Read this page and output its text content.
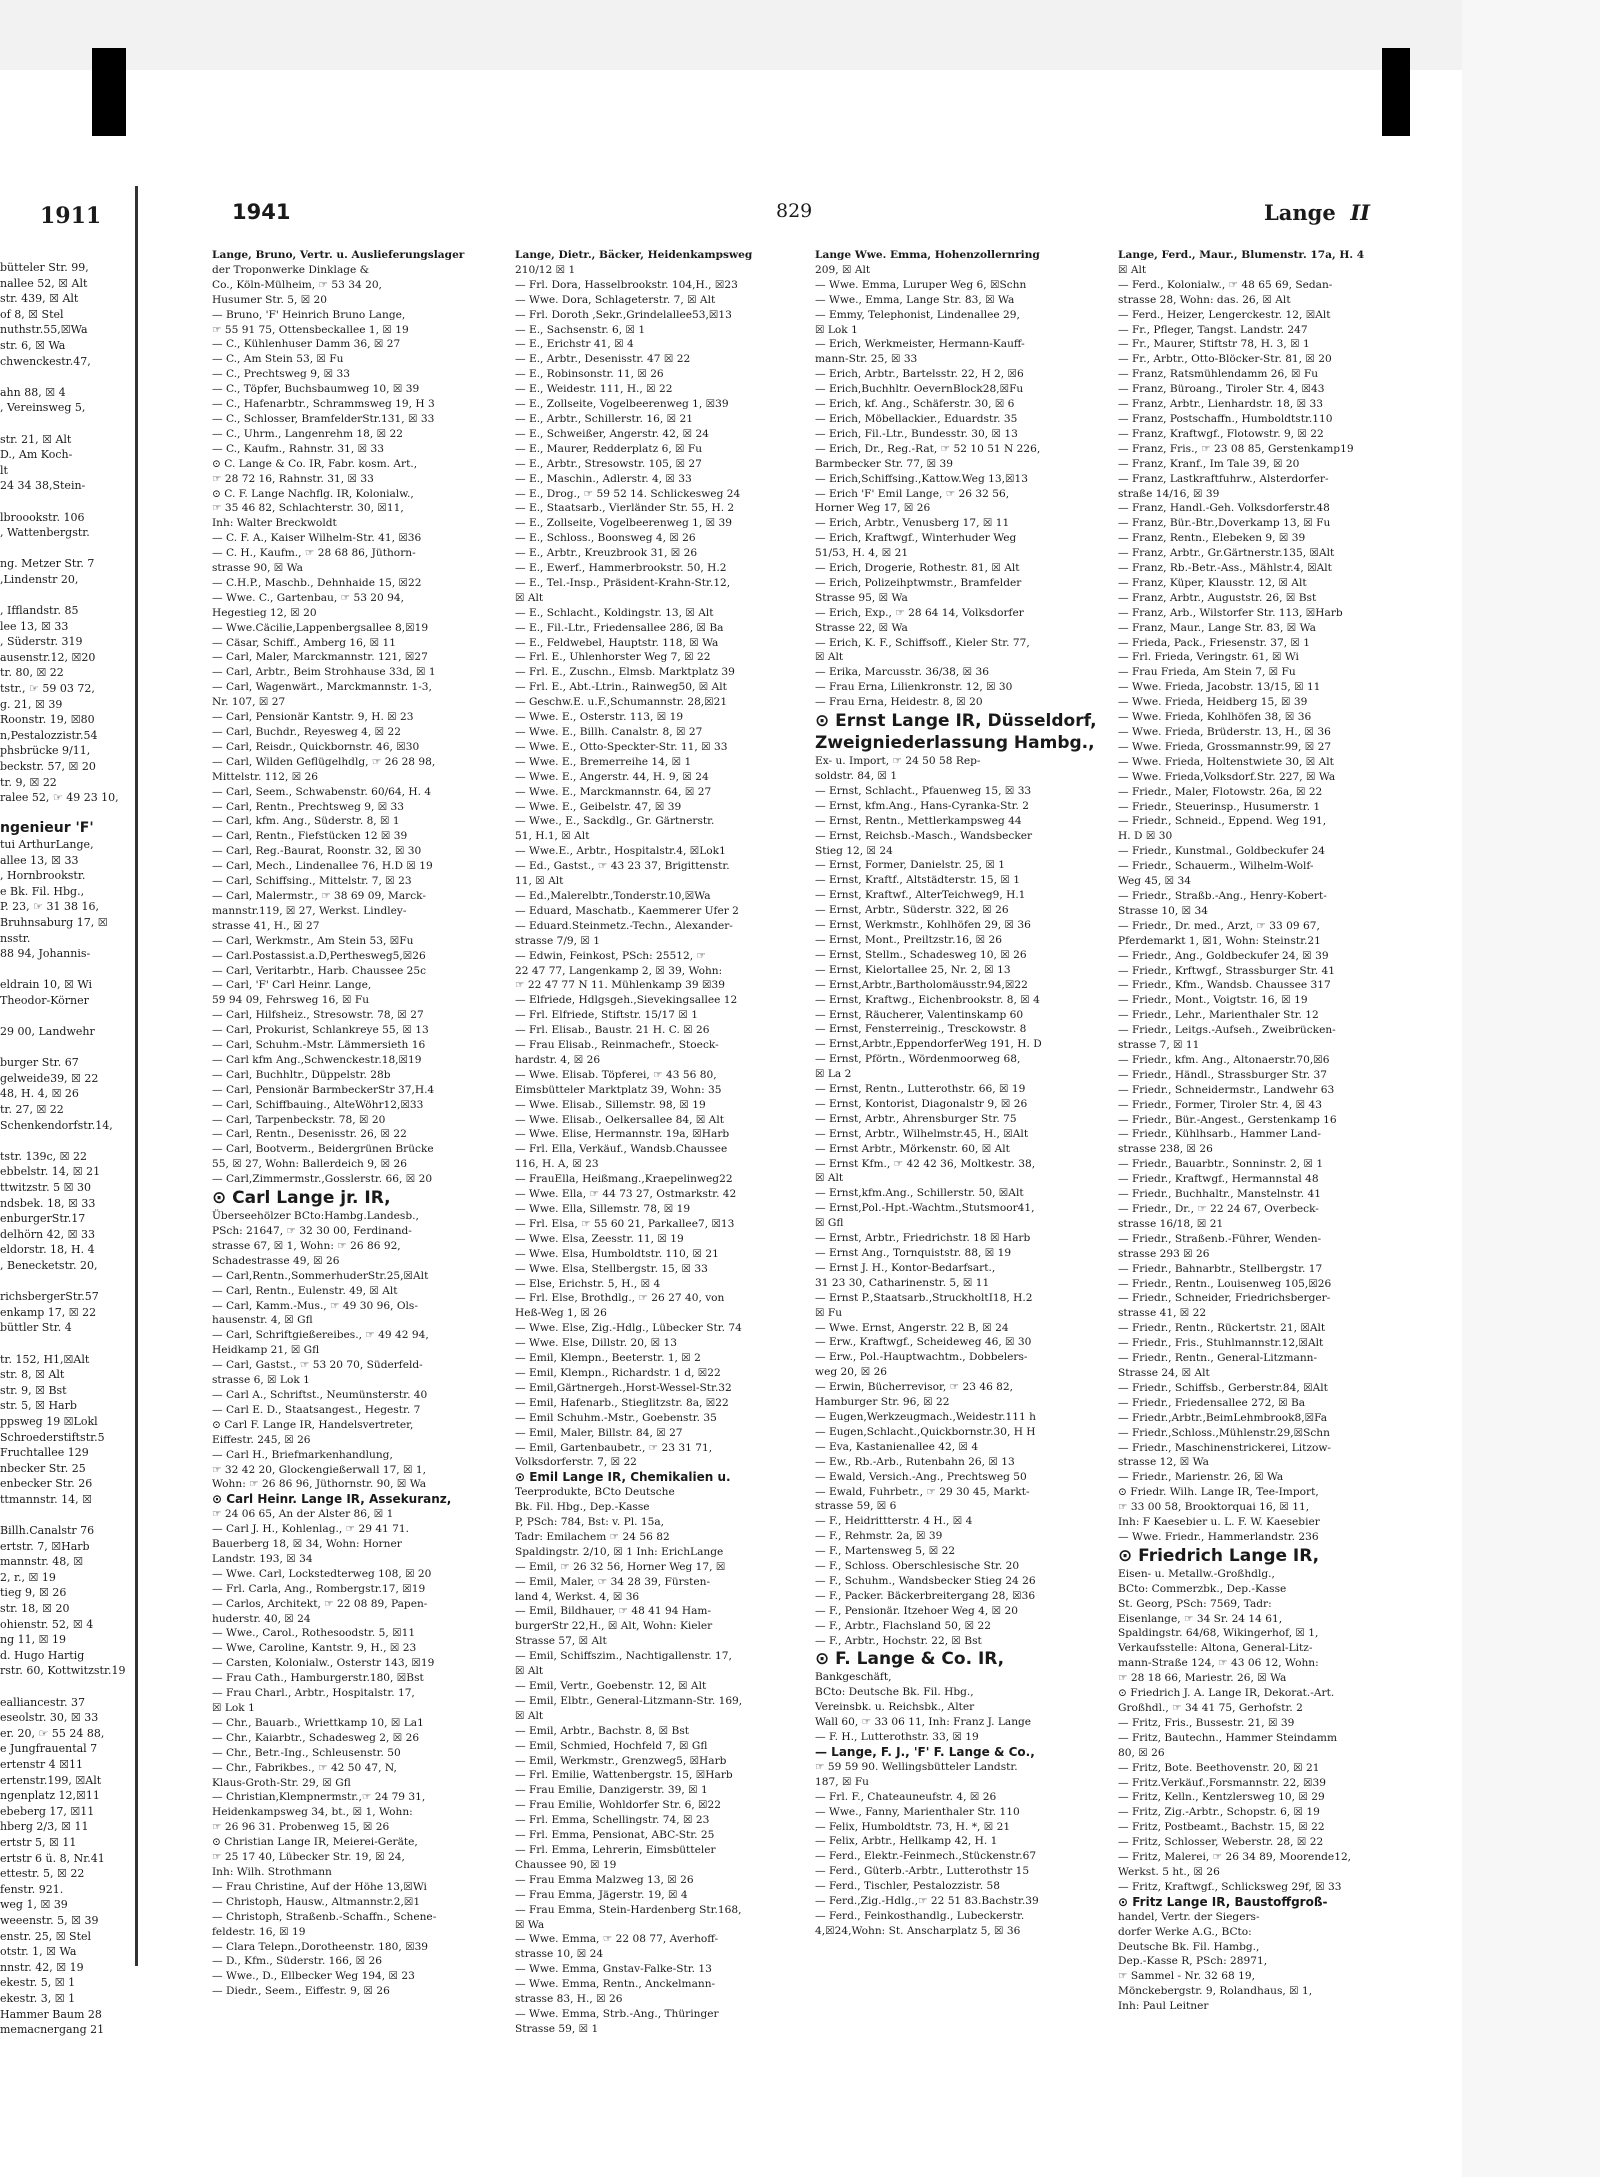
1911
bütteler Str. 99,
nallee 52, ☒ Alt
str. 439, ☒ Alt
of 8, ☒ Stel
nuthstr.55,☒Wa
str. 6, ☒ Wa
chwenckestr.47,

ahn 88, ☒ 4
, Vereinsweg 5,

str. 21, ☒ Alt
D., Am Koch-
lt
24 34 38,Stein-

lbroookstr. 106
, Wattenbergstr.

ng. Metzer Str. 7
,Lindenstr 20,

, Ifflandstr. 85
lee 13, ☒ 33
, Süderstr. 319
ausenstr.12, ☒20
tr. 80, ☒ 22
tstr., ☞ 59 03 72,
g. 21, ☒ 39
Roonstr. 19, ☒80
n,Pestalozzistr.54
phsbrücke 9/11,
beckstr. 57, ☒ 20
tr. 9, ☒ 22
ralee 52, ☞ 49 23 10,

ngenieur 'F'
tui ArthurLange,
allee 13, ☒ 33
, Hornbrookstr.
e Bk. Fil. Hbg.,
P. 23, ☞ 31 38 16,
Bruhnsaburg 17, ☒
nsstr.
88 94, Johannis-

eldrain 10, ☒ Wi
Theodor-Körner

29 00, Landwehr

burger Str. 67
gelweide39, ☒ 22
48, H. 4, ☒ 26
tr. 27, ☒ 22
Schenkendorfstr.14,

tstr. 139c, ☒ 22
ebbelstr. 14, ☒ 21
ttwitzstr. 5 ☒ 30
ndsbek. 18, ☒ 33
enburgerStr.17
delhörn 42, ☒ 33
eldorstr. 18, H. 4
, Benecketstr. 20,

richsbergerStr.57
enkamp 17, ☒ 22
büttler Str. 4

tr. 152, H1,☒Alt
str. 8, ☒ Alt
str. 9, ☒ Bst
str. 5, ☒ Harb
ppsweg 19 ☒Lokl
Schroederstiftstr.5
Fruchtallee 129
nbecker Str. 25
enbecker Str. 26
ttmannstr. 14, ☒

Billh.Canalstr 76
ertstr. 7, ☒Harb
mannstr. 48, ☒
2, r., ☒ 19
tieg 9, ☒ 26
str. 18, ☒ 20
ohienstr. 52, ☒ 4
ng 11, ☒ 19
d. Hugo Hartig
rstr. 60, Kottwitzstr.19

ealliancestr. 37
eseolstr. 30, ☒ 33
er. 20, ☞ 55 24 88,
e Jungfrauental 7
ertenstr 4 ☒11
ertenstr.199, ☒Alt
ngenplatz 12,☒11
ebeberg 17, ☒11
hberg 2/3, ☒ 11
ertstr 5, ☒ 11
ertstr 6 ü. 8, Nr.41
ettestr. 5, ☒ 22
fenstr. 921.
weg 1, ☒ 39
weeenstr. 5, ☒ 39
enstr. 25, ☒ Stel
otstr. 1, ☒ Wa
nnstr. 42, ☒ 19
ekestr. 5, ☒ 1
ekestr. 3, ☒ 1
Hammer Baum 28
memacnergang 21
1941	829	Lange II
Lange, Bruno, Vertr. u. Auslieferungslager
der Troponwerke Dinklage &
Co., Köln-Mülheim, ☞ 53 34 20,
Husumer Str. 5, ☒ 20
— Bruno, 'F' Heinrich Bruno Lange,
☞ 55 91 75, Ottensbeckallee 1, ☒ 19
— C., Kühlenhuser Damm 36, ☒ 27
— C., Am Stein 53, ☒ Fu
— C., Prechtsweg 9, ☒ 33
— C., Töpfer, Buchsbaumweg 10, ☒ 39
— C., Hafenarbtr., Schrammsweg 19, H 3
— C., Schlosser, BramfelderStr.131, ☒ 33
— C., Uhrm., Langenrehm 18, ☒ 22
— C., Kaufm., Rahnstr. 31, ☒ 33
⊙ C. Lange & Co. IR, Fabr. kosm. Art.,
☞ 28 72 16, Rahnstr. 31, ☒ 33
⊙ C. F. Lange Nachflg. IR, Kolonialw.,
☞ 35 46 82, Schlachterstr. 30, ☒11,
Inh: Walter Breckwoldt
— C. F. A., Kaiser Wilhelm-Str. 41, ☒36
— C. H., Kaufm., ☞ 28 68 86, Jüthorn-
strasse 90, ☒ Wa
— C.H.P., Maschb., Dehnhaide 15, ☒22
— Wwe. C., Gartenbau, ☞ 53 20 94,
Hegestieg 12, ☒ 20
— Wwe.Cäcilie,Lappenbergsallee 8,☒19
— Cäsar, Schiff., Amberg 16, ☒ 11
— Carl, Maler, Marckmannstr. 121, ☒27
— Carl, Arbtr., Beim Strohhause 33d, ☒ 1
— Carl, Wagenwärt., Marckmannstr. 1-3,
Nr. 107, ☒ 27
— Carl, Pensionär Kantstr. 9, H. ☒ 23
— Carl, Buchdr., Reyesweg 4, ☒ 22
— Carl, Reisdr., Quickbornstr. 46, ☒30
— Carl, Wilden Geflügelhdlg, ☞ 26 28 98,
Mittelstr. 112, ☒ 26
— Carl, Seem., Schwabenstr. 60/64, H. 4
— Carl, Rentn., Prechtsweg 9, ☒ 33
— Carl, kfm. Ang., Süderstr. 8, ☒ 1
— Carl, Rentn., Fiefstücken 12 ☒ 39
— Carl, Reg.-Baurat, Roonstr. 32, ☒ 30
— Carl, Mech., Lindenallee 76, H.D ☒ 19
— Carl, Schiffsing., Mittelstr. 7, ☒ 23
— Carl, Malermstr., ☞ 38 69 09, Marck-
mannstr.119, ☒ 27, Werkst. Lindley-
strasse 41, H., ☒ 27
— Carl, Werkmstr., Am Stein 53, ☒Fu
— Carl.Postassist.a.D,Perthesweg5,☒26
— Carl, Veritarbtr., Harb. Chaussee 25c
— Carl, 'F' Carl Heinr. Lange,
59 94 09, Fehrsweg 16, ☒ Fu
— Carl, Hilfsheiz., Stresowstr. 78, ☒ 27
— Carl, Prokurist, Schlankreye 55, ☒ 13
— Carl, Schuhm.-Mstr. Lämmersieth 16
— Carl kfm Ang.,Schwenckestr.18,☒19
— Carl, Buchhltr., Düppelstr. 28b
— Carl, Pensionär BarmbeckerStr 37,H.4
— Carl, Schiffbauing., AlteWöhr12,☒33
— Carl, Tarpenbeckstr. 78, ☒ 20
— Carl, Rentn., Desenisstr. 26, ☒ 22
— Carl, Bootverm., Beidergrünen Brücke
55, ☒ 27, Wohn: Ballerdeich 9, ☒ 26
— Carl,Zimmermstr.,Gosslerstr. 66, ☒ 20
⊙ Carl Lange jr. IR,
Überseehölzer BCto:Hambg.Landesb.,
PSch: 21647, ☞ 32 30 00, Ferdinand-
strasse 67, ☒ 1, Wohn: ☞ 26 86 92,
Schadestrasse 49, ☒ 26
— Carl,Rentn.,SommerhuderStr.25,☒Alt
— Carl, Rentn., Eulenstr. 49, ☒ Alt
— Carl, Kamm.-Mus., ☞ 49 30 96, Ols-
hausenstr. 4, ☒ Gfl
— Carl, Schriftgießereibes., ☞ 49 42 94,
Heidkamp 21, ☒ Gfl
— Carl, Gastst., ☞ 53 20 70, Süderfeld-
strasse 6, ☒ Lok 1
— Carl A., Schriftst., Neumünsterstr. 40
— Carl E. D., Staatsangest., Hegestr. 7
⊙ Carl F. Lange IR, Handelsvertreter,
Eiffestr. 245, ☒ 26
— Carl H., Briefmarkenhandlung,
☞ 32 42 20, Glockengießerwall 17, ☒ 1,
Wohn: ☞ 26 86 96, Jüthornstr. 90, ☒ Wa
⊙ Carl Heinr. Lange IR, Assekuranz,
☞ 24 06 65, An der Alster 86, ☒ 1
— Carl J. H., Kohlenlag., ☞ 29 41 71.
Bauerberg 18, ☒ 34, Wohn: Horner
Landstr. 193, ☒ 34
— Wwe. Carl, Lockstedterweg 108, ☒ 20
— Frl. Carla, Ang., Rombergstr.17, ☒19
— Carlos, Architekt, ☞ 22 08 89, Papen-
huderstr. 40, ☒ 24
— Wwe., Carol., Rothesoodstr. 5, ☒11
— Wwe, Caroline, Kantstr. 9, H., ☒ 23
— Carsten, Kolonialw., Osterstr 143, ☒19
— Frau Cath., Hamburgerstr.180, ☒Bst
— Frau Charl., Arbtr., Hospitalstr. 17,
☒ Lok 1
— Chr., Bauarb., Wriettkamp 10, ☒ La1
— Chr., Kaiarbtr., Schadesweg 2, ☒ 26
— Chr., Betr.-Ing., Schleusenstr. 50
— Chr., Fabrikbes., ☞ 42 50 47, N,
Klaus-Groth-Str. 29, ☒ Gfl
— Christian,Klempnermstr.,☞ 24 79 31,
Heidenkampsweg 34, bt., ☒ 1, Wohn:
☞ 26 96 31. Probenweg 15, ☒ 26
⊙ Christian Lange IR, Meierei-Geräte,
☞ 25 17 40, Lübecker Str. 19, ☒ 24,
Inh: Wilh. Strothmann
— Frau Christine, Auf der Höhe 13,☒Wi
— Christoph, Hausw., Altmannstr.2,☒1
— Christoph, Straßenb.-Schaffn., Schene-
feldestr. 16, ☒ 19
— Clara Telepn.,Dorotheenstr. 180, ☒39
— D., Kfm., Süderstr. 166, ☒ 26
— Wwe., D., Ellbecker Weg 194, ☒ 23
— Diedr., Seem., Eiffestr. 9, ☒ 26
Lange, Dietr., Bäcker, Heidenkampsweg
210/12 ☒ 1
— Frl. Dora, Hasselbrookstr. 104,H., ☒23
— Wwe. Dora, Schlageterstr. 7, ☒ Alt
— Frl. Doroth ,Sekr.,Grindelallee53,☒13
— E., Sachsenstr. 6, ☒ 1
— E., Erichstr 41, ☒ 4
— E., Arbtr., Desenisstr. 47 ☒ 22
— E., Robinsonstr. 11, ☒ 26
— E., Weidestr. 111, H., ☒ 22
— E., Zollseite, Vogelbeerenweg 1, ☒39
— E., Arbtr., Schillerstr. 16, ☒ 21
— E., Schweißer, Angerstr. 42, ☒ 24
— E., Maurer, Redderplatz 6, ☒ Fu
— E., Arbtr., Stresowstr. 105, ☒ 27
— E., Maschin., Adlerstr. 4, ☒ 33
— E., Drog., ☞ 59 52 14. Schlickesweg 24
— E., Staatsarb., Vierländer Str. 55, H. 2
— E., Zollseite, Vogelbeerenweg 1, ☒ 39
— E., Schloss., Boonsweg 4, ☒ 26
— E., Arbtr., Kreuzbrook 31, ☒ 26
— E., Ewerf., Hammerbrookstr. 50, H.2
— E., Tel.-Insp., Präsident-Krahn-Str.12,
☒ Alt
— E., Schlacht., Koldingstr. 13, ☒ Alt
— E., Fil.-Ltr., Friedensallee 286, ☒ Ba
— E., Feldwebel, Hauptstr. 118, ☒ Wa
— Frl. E., Uhlenhorster Weg 7, ☒ 22
— Frl. E., Zuschn., Elmsb. Marktplatz 39
— Frl. E., Abt.-Ltrin., Rainweg50, ☒ Alt
— Geschw.E. u.F.,Schumannstr. 28,☒21
— Wwe. E., Osterstr. 113, ☒ 19
— Wwe. E., Billh. Canalstr. 8, ☒ 27
— Wwe. E., Otto-Speckter-Str. 11, ☒ 33
— Wwe. E., Bremerreihe 14, ☒ 1
— Wwe. E., Angerstr. 44, H. 9, ☒ 24
— Wwe. E., Marckmannstr. 64, ☒ 27
— Wwe. E., Geibelstr. 47, ☒ 39
— Wwe., E., Sackdlg., Gr. Gärtnerstr.
51, H.1, ☒ Alt
— Wwe.E., Arbtr., Hospitalstr.4, ☒Lok1
— Ed., Gastst., ☞ 43 23 37, Brigittenstr.
11, ☒ Alt
— Ed.,Malerelbtr.,Tonderstr.10,☒Wa
— Eduard, Maschatb., Kaemmerer Ufer 2
— Eduard.Steinmetz.-Techn., Alexander-
strasse 7/9, ☒ 1
— Edwin, Feinkost, PSch: 25512, ☞
22 47 77, Langenkamp 2, ☒ 39, Wohn:
☞ 22 47 77 N 11. Mühlenkamp 39 ☒39
— Elfriede, Hdlgsgeh.,Sievekingsallee 12
— Frl. Elfriede, Stiftstr. 15/17 ☒ 1
— Frl. Elisab., Baustr. 21 H. C. ☒ 26
— Frau Elisab., Reinmachefr., Stoeck-
hardstr. 4, ☒ 26
— Wwe. Elisab. Töpferei, ☞ 43 56 80,
Eimsbütteler Marktplatz 39, Wohn: 35
— Wwe. Elisab., Sillemstr. 98, ☒ 19
— Wwe. Elisab., Oelkersallee 84, ☒ Alt
— Wwe. Elise, Hermannstr. 19a, ☒Harb
— Frl. Ella, Verkäuf., Wandsb.Chaussee
116, H. A, ☒ 23
— FrauElla, Heißmang.,Kraepelinweg22
— Wwe. Ella, ☞ 44 73 27, Ostmarkstr. 42
— Wwe. Ella, Sillemstr. 78, ☒ 19
— Frl. Elsa, ☞ 55 60 21, Parkallee7, ☒13
— Wwe. Elsa, Zeesstr. 11, ☒ 19
— Wwe. Elsa, Humboldtstr. 110, ☒ 21
— Wwe. Elsa, Stellbergstr. 15, ☒ 33
— Else, Erichstr. 5, H., ☒ 4
— Frl. Else, Brothdlg., ☞ 26 27 40, von
Heß-Weg 1, ☒ 26
— Wwe. Else, Zig.-Hdlg., Lübecker Str. 74
— Wwe. Else, Dillstr. 20, ☒ 13
— Emil, Klempn., Beeterstr. 1, ☒ 2
— Emil, Klempn., Richardstr. 1 d, ☒22
— Emil,Gärtnergeh.,Horst-Wessel-Str.32
— Emil, Hafenarb., Stieglitzstr. 8a, ☒22
— Emil Schuhm.-Mstr., Goebenstr. 35
— Emil, Maler, Billstr. 84, ☒ 27
— Emil, Gartenbaubetr., ☞ 23 31 71,
Volksdorferstr. 7, ☒ 22
⊙ Emil Lange IR, Chemikalien u.
Teerprodukte, BCto Deutsche
Bk. Fil. Hbg., Dep.-Kasse
P, PSch: 784, Bst: v. Pl. 15a,
Tadr: Emilachem ☞ 24 56 82
Spaldingstr. 2/10, ☒ 1 Inh: ErichLange
— Emil, ☞ 26 32 56, Horner Weg 17, ☒
— Emil, Maler, ☞ 34 28 39, Fürsten-
land 4, Werkst. 4, ☒ 36
— Emil, Bildhauer, ☞ 48 41 94 Ham-
burgerStr 22,H., ☒ Alt, Wohn: Kieler
Strasse 57, ☒ Alt
— Emil, Schiffszim., Nachtigallenstr. 17,
☒ Alt
— Emil, Vertr., Goebenstr. 12, ☒ Alt
— Emil, Elbtr., General-Litzmann-Str. 169,
☒ Alt
— Emil, Arbtr., Bachstr. 8, ☒ Bst
— Emil, Schmied, Hochfeld 7, ☒ Gfl
— Emil, Werkmstr., Grenzweg5, ☒Harb
— Frl. Emilie, Wattenbergstr. 15, ☒Harb
— Frau Emilie, Danzigerstr. 39, ☒ 1
— Frau Emilie, Wohldorfer Str. 6, ☒22
— Frl. Emma, Schellingstr. 74, ☒ 23
— Frl. Emma, Pensionat, ABC-Str. 25
— Frl. Emma, Lehrerin, Eimsbütteler
Chaussee 90, ☒ 19
— Frau Emma Malzweg 13, ☒ 26
— Frau Emma, Jägerstr. 19, ☒ 4
— Frau Emma, Stein-Hardenberg Str.168,
☒ Wa
— Wwe. Emma, ☞ 22 08 77, Averhoff-
strasse 10, ☒ 24
— Wwe. Emma, Gnstav-Falke-Str. 13
— Wwe. Emma, Rentn., Anckelmann-
strasse 83, H., ☒ 26
— Wwe. Emma, Strb.-Ang., Thüringer
Strasse 59, ☒ 1
Lange Wwe. Emma, Hohenzollernring
209, ☒ Alt
— Wwe. Emma, Luruper Weg 6, ☒Schn
— Wwe., Emma, Lange Str. 83, ☒ Wa
— Emmy, Telephonist, Lindenallee 29,
☒ Lok 1
— Erich, Werkmeister, Hermann-Kauff-
mann-Str. 25, ☒ 33
— Erich, Arbtr., Bartelsstr. 22, H 2, ☒6
— Erich,Buchhltr. OevernBlock28,☒Fu
— Erich, kf. Ang., Schäferstr. 30, ☒ 6
— Erich, Möbellackier., Eduardstr. 35
— Erich, Fil.-Ltr., Bundesstr. 30, ☒ 13
— Erich, Dr., Reg.-Rat, ☞ 52 10 51 N 226,
Barmbecker Str. 77, ☒ 39
— Erich,Schiffsing.,Kattow.Weg 13,☒13
— Erich 'F' Emil Lange, ☞ 26 32 56,
Horner Weg 17, ☒ 26
— Erich, Arbtr., Venusberg 17, ☒ 11
— Erich, Kraftwgf., Winterhuder Weg
51/53, H. 4, ☒ 21
— Erich, Drogerie, Rothestr. 81, ☒ Alt
— Erich, Polizeihptwmstr., Bramfelder
Strasse 95, ☒ Wa
— Erich, Exp., ☞ 28 64 14, Volksdorfer
Strasse 22, ☒ Wa
— Erich, K. F., Schiffsoff., Kieler Str. 77,
☒ Alt
— Erika, Marcusstr. 36/38, ☒ 36
— Frau Erna, Lilienkronstr. 12, ☒ 30
— Frau Erna, Heidestr. 8, ☒ 20
⊙ Ernst Lange IR, Düsseldorf,
Zweigniederlassung Hambg.,
Ex- u. Import, ☞ 24 50 58 Rep-
soldstr. 84, ☒ 1
— Ernst, Schlacht., Pfauenweg 15, ☒ 33
— Ernst, kfm.Ang., Hans-Cyranka-Str. 2
— Ernst, Rentn., Mettlerkampsweg 44
— Ernst, Reichsb.-Masch., Wandsbecker
Stieg 12, ☒ 24
— Ernst, Former, Danielstr. 25, ☒ 1
— Ernst, Kraftf., Altstädterstr. 15, ☒ 1
— Ernst, Kraftwf., AlterTeichweg9, H.1
— Ernst, Arbtr., Süderstr. 322, ☒ 26
— Ernst, Werkmstr., Kohlhöfen 29, ☒ 36
— Ernst, Mont., Preiltzstr.16, ☒ 26
— Ernst, Stellm., Schadesweg 10, ☒ 26
— Ernst, Kielortallee 25, Nr. 2, ☒ 13
— Ernst,Arbtr.,Bartholomäusstr.94,☒22
— Ernst, Kraftwg., Eichenbrookstr. 8, ☒ 4
— Ernst, Räucherer, Valentinskamp 60
— Ernst, Fensterreinig., Tresckowstr. 8
— Ernst,Arbtr.,EppendorferWeg 191, H. D
— Ernst, Pförtn., Wördenmoorweg 68,
☒ La 2
— Ernst, Rentn., Lutterothstr. 66, ☒ 19
— Ernst, Kontorist, Diagonalstr 9, ☒ 26
— Ernst, Arbtr., Ahrensburger Str. 75
— Ernst, Arbtr., Wilhelmstr.45, H., ☒Alt
— Ernst Arbtr., Mörkenstr. 60, ☒ Alt
— Ernst Kfm., ☞ 42 42 36, Moltkestr. 38,
☒ Alt
— Ernst,kfm.Ang., Schillerstr. 50, ☒Alt
— Ernst,Pol.-Hpt.-Wachtm.,Stutsmoor41,
☒ Gfl
— Ernst, Arbtr., Friedrichstr. 18 ☒ Harb
— Ernst Ang., Tornquiststr. 88, ☒ 19
— Ernst J. H., Kontor-Bedarfsart.,
31 23 30, Catharinenstr. 5, ☒ 11
— Ernst P.,Staatsarb.,StruckholtI18, H.2
☒ Fu
— Wwe. Ernst, Angerstr. 22 B, ☒ 24
— Erw., Kraftwgf., Scheideweg 46, ☒ 30
— Erw., Pol.-Hauptwachtm., Dobbelers-
weg 20, ☒ 26
— Erwin, Bücherrevisor, ☞ 23 46 82,
Hamburger Str. 96, ☒ 22
— Eugen,Werkzeugmach.,Weidestr.111 h
— Eugen,Schlacht.,Quickbornstr.30, H H
— Eva, Kastanienallee 42, ☒ 4
— Ew., Rb.-Arb., Rutenbahn 26, ☒ 13
— Ewald, Versich.-Ang., Prechtsweg 50
— Ewald, Fuhrbetr., ☞ 29 30 45, Markt-
strasse 59, ☒ 6
— F., Heidrittterstr. 4 H., ☒ 4
— F., Rehmstr. 2a, ☒ 39
— F., Martensweg 5, ☒ 22
— F., Schloss. Oberschlesische Str. 20
— F., Schuhm., Wandsbecker Stieg 24 26
— F., Packer. Bäckerbreitergang 28, ☒36
— F., Pensionär. Itzehoer Weg 4, ☒ 20
— F., Arbtr., Flachsland 50, ☒ 22
— F., Arbtr., Hochstr. 22, ☒ Bst
⊙ F. Lange & Co. IR,
Bankgeschäft,
BCto: Deutsche Bk. Fil. Hbg.,
Vereinsbk. u. Reichsbk., Alter
Wall 60, ☞ 33 06 11, Inh: Franz J. Lange
— F. H., Lutterothstr. 33, ☒ 19
— Lange, F. J., 'F' F. Lange & Co.,
☞ 59 59 90. Wellingsbütteler Landstr.
187, ☒ Fu
— Frl. F., Chateauneufstr. 4, ☒ 26
— Wwe., Fanny, Marienthaler Str. 110
— Felix, Humboldtstr. 73, H. *, ☒ 21
— Felix, Arbtr., Hellkamp 42, H. 1
— Ferd., Elektr.-Feinmech.,Stückenstr.67
— Ferd., Güterb.-Arbtr., Lutterothstr 15
— Ferd., Tischler, Pestalozzistr. 58
— Ferd.,Zig.-Hdlg.,☞ 22 51 83.Bachstr.39
— Ferd., Feinkosthandlg., Lubeckerstr.
4,☒24,Wohn: St. Anscharplatz 5, ☒ 36
Lange, Ferd., Maur., Blumenstr. 17a, H. 4
☒ Alt
— Ferd., Kolonialw., ☞ 48 65 69, Sedan-
strasse 28, Wohn: das. 26, ☒ Alt
— Ferd., Heizer, Lengerckestr. 12, ☒Alt
— Fr., Pfleger, Tangst. Landstr. 247
— Fr., Maurer, Stiftstr 78, H. 3, ☒ 1
— Fr., Arbtr., Otto-Blöcker-Str. 81, ☒ 20
— Franz, Ratsmühlendamm 26, ☒ Fu
— Franz, Büroang., Tiroler Str. 4, ☒43
— Franz, Arbtr., Lienhardstr. 18, ☒ 33
— Franz, Postschaffn., Humboldtstr.110
— Franz, Kraftwgf., Flotowstr. 9, ☒ 22
— Franz, Fris., ☞ 23 08 85, Gerstenkamp19
— Franz, Kranf., Im Tale 39, ☒ 20
— Franz, Lastkraftfuhrw., Alsterdorfer-
straße 14/16, ☒ 39
— Franz, Handl.-Geh. Volksdorferstr.48
— Franz, Bür.-Btr.,Doverkamp 13, ☒ Fu
— Franz, Rentn., Elebeken 9, ☒ 39
— Franz, Arbtr., Gr.Gärtnerstr.135, ☒Alt
— Franz, Rb.-Betr.-Ass., Mählstr.4, ☒Alt
— Franz, Küper, Klausstr. 12, ☒ Alt
— Franz, Arbtr., Auguststr. 26, ☒ Bst
— Franz, Arb., Wilstorfer Str. 113, ☒Harb
— Franz, Maur., Lange Str. 83, ☒ Wa
— Frieda, Pack., Friesenstr. 37, ☒ 1
— Frl. Frieda, Veringstr. 61, ☒ Wi
— Frau Frieda, Am Stein 7, ☒ Fu
— Wwe. Frieda, Jacobstr. 13/15, ☒ 11
— Wwe. Frieda, Heidberg 15, ☒ 39
— Wwe. Frieda, Kohlhöfen 38, ☒ 36
— Wwe. Frieda, Brüderstr. 13, H., ☒ 36
— Wwe. Frieda, Grossmannstr.99, ☒ 27
— Wwe. Frieda, Holtenstwiete 30, ☒ Alt
— Wwe. Frieda,Volksdorf.Str. 227, ☒ Wa
— Friedr., Maler, Flotowstr. 26a, ☒ 22
— Friedr., Steuerinsp., Husumerstr. 1
— Friedr., Schneid., Eppend. Weg 191,
H. D ☒ 30
— Friedr., Kunstmal., Goldbeckufer 24
— Friedr., Schauerm., Wilhelm-Wolf-
Weg 45, ☒ 34
— Friedr., Straßb.-Ang., Henry-Kobert-
Strasse 10, ☒ 34
— Friedr., Dr. med., Arzt, ☞ 33 09 67,
Pferdemarkt 1, ☒1, Wohn: Steinstr.21
— Friedr., Ang., Goldbeckufer 24, ☒ 39
— Friedr., Krftwgf., Strassburger Str. 41
— Friedr., Kfm., Wandsb. Chaussee 317
— Friedr., Mont., Voigtstr. 16, ☒ 19
— Friedr., Lehr., Marienthaler Str. 12
— Friedr., Leitgs.-Aufseh., Zweibrücken-
strasse 7, ☒ 11
— Friedr., kfm. Ang., Altonaerstr.70,☒6
— Friedr., Händl., Strassburger Str. 37
— Friedr., Schneidermstr., Landwehr 63
— Friedr., Former, Tiroler Str. 4, ☒ 43
— Friedr., Bür.-Angest., Gerstenkamp 16
— Friedr., Kühlhsarb., Hammer Land-
strasse 238, ☒ 26
— Friedr., Bauarbtr., Sonninstr. 2, ☒ 1
— Friedr., Kraftwgf., Hermannstal 48
— Friedr., Buchhaltr., Manstelnstr. 41
— Friedr., Dr., ☞ 22 24 67, Overbeck-
strasse 16/18, ☒ 21
— Friedr., Straßenb.-Führer, Wenden-
strasse 293 ☒ 26
— Friedr., Bahnarbtr., Stellbergstr. 17
— Friedr., Rentn., Louisenweg 105,☒26
— Friedr., Schneider, Friedrichsberger-
strasse 41, ☒ 22
— Friedr., Rentn., Rückertstr. 21, ☒Alt
— Friedr., Fris., Stuhlmannstr.12,☒Alt
— Friedr., Rentn., General-Litzmann-
Strasse 24, ☒ Alt
— Friedr., Schiffsb., Gerberstr.84, ☒Alt
— Friedr., Friedensallee 272, ☒ Ba
— Friedr.,Arbtr.,BeimLehmbrook8,☒Fa
— Friedr.,Schloss.,Mühlenstr.29,☒Schn
— Friedr., Maschinenstrickerei, Litzow-
strasse 12, ☒ Wa
— Friedr., Marienstr. 26, ☒ Wa
⊙ Friedr. Wilh. Lange IR, Tee-Import,
☞ 33 00 58, Brooktorquai 16, ☒ 11,
Inh: F Kaesebier u. L. F. W. Kaesebier
— Wwe. Friedr., Hammerlandstr. 236
⊙ Friedrich Lange IR,
Eisen- u. Metallw.-Großhdlg.,
BCto: Commerzbk., Dep.-Kasse
St. Georg, PSch: 7569, Tadr:
Eisenlange, ☞ 34 Sr. 24 14 61,
Spaldingstr. 64/68, Wikingerhof, ☒ 1,
Verkaufsstelle: Altona, General-Litz-
mann-Straße 124, ☞ 43 06 12, Wohn:
☞ 28 18 66, Mariestr. 26, ☒ Wa
⊙ Friedrich J. A. Lange IR, Dekorat.-Art.
Großhdl., ☞ 34 41 75, Gerhofstr. 2
— Fritz, Fris., Bussestr. 21, ☒ 39
— Fritz, Bautechn., Hammer Steindamm
80, ☒ 26
— Fritz, Bote. Beethovenstr. 20, ☒ 21
— Fritz.Verkäuf.,Forsmannstr. 22, ☒39
— Fritz, Kelln., Kentzlersweg 10, ☒ 29
— Fritz, Zig.-Arbtr., Schopstr. 6, ☒ 19
— Fritz, Postbeamt., Bachstr. 15, ☒ 22
— Fritz, Schlosser, Weberstr. 28, ☒ 22
— Fritz, Malerei, ☞ 26 34 89, Moorende12,
Werkst. 5 ht., ☒ 26
— Fritz, Kraftwgf., Schlicksweg 29f, ☒ 33
⊙ Fritz Lange IR, Baustoffgroß-
handel, Vertr. der Siegers-
dorfer Werke A.G., BCto:
Deutsche Bk. Fil. Hambg.,
Dep.-Kasse R, PSch: 28971,
☞ Sammel - Nr. 32 68 19,
Mönckebergstr. 9, Rolandhaus, ☒ 1,
Inh: Paul Leitner
